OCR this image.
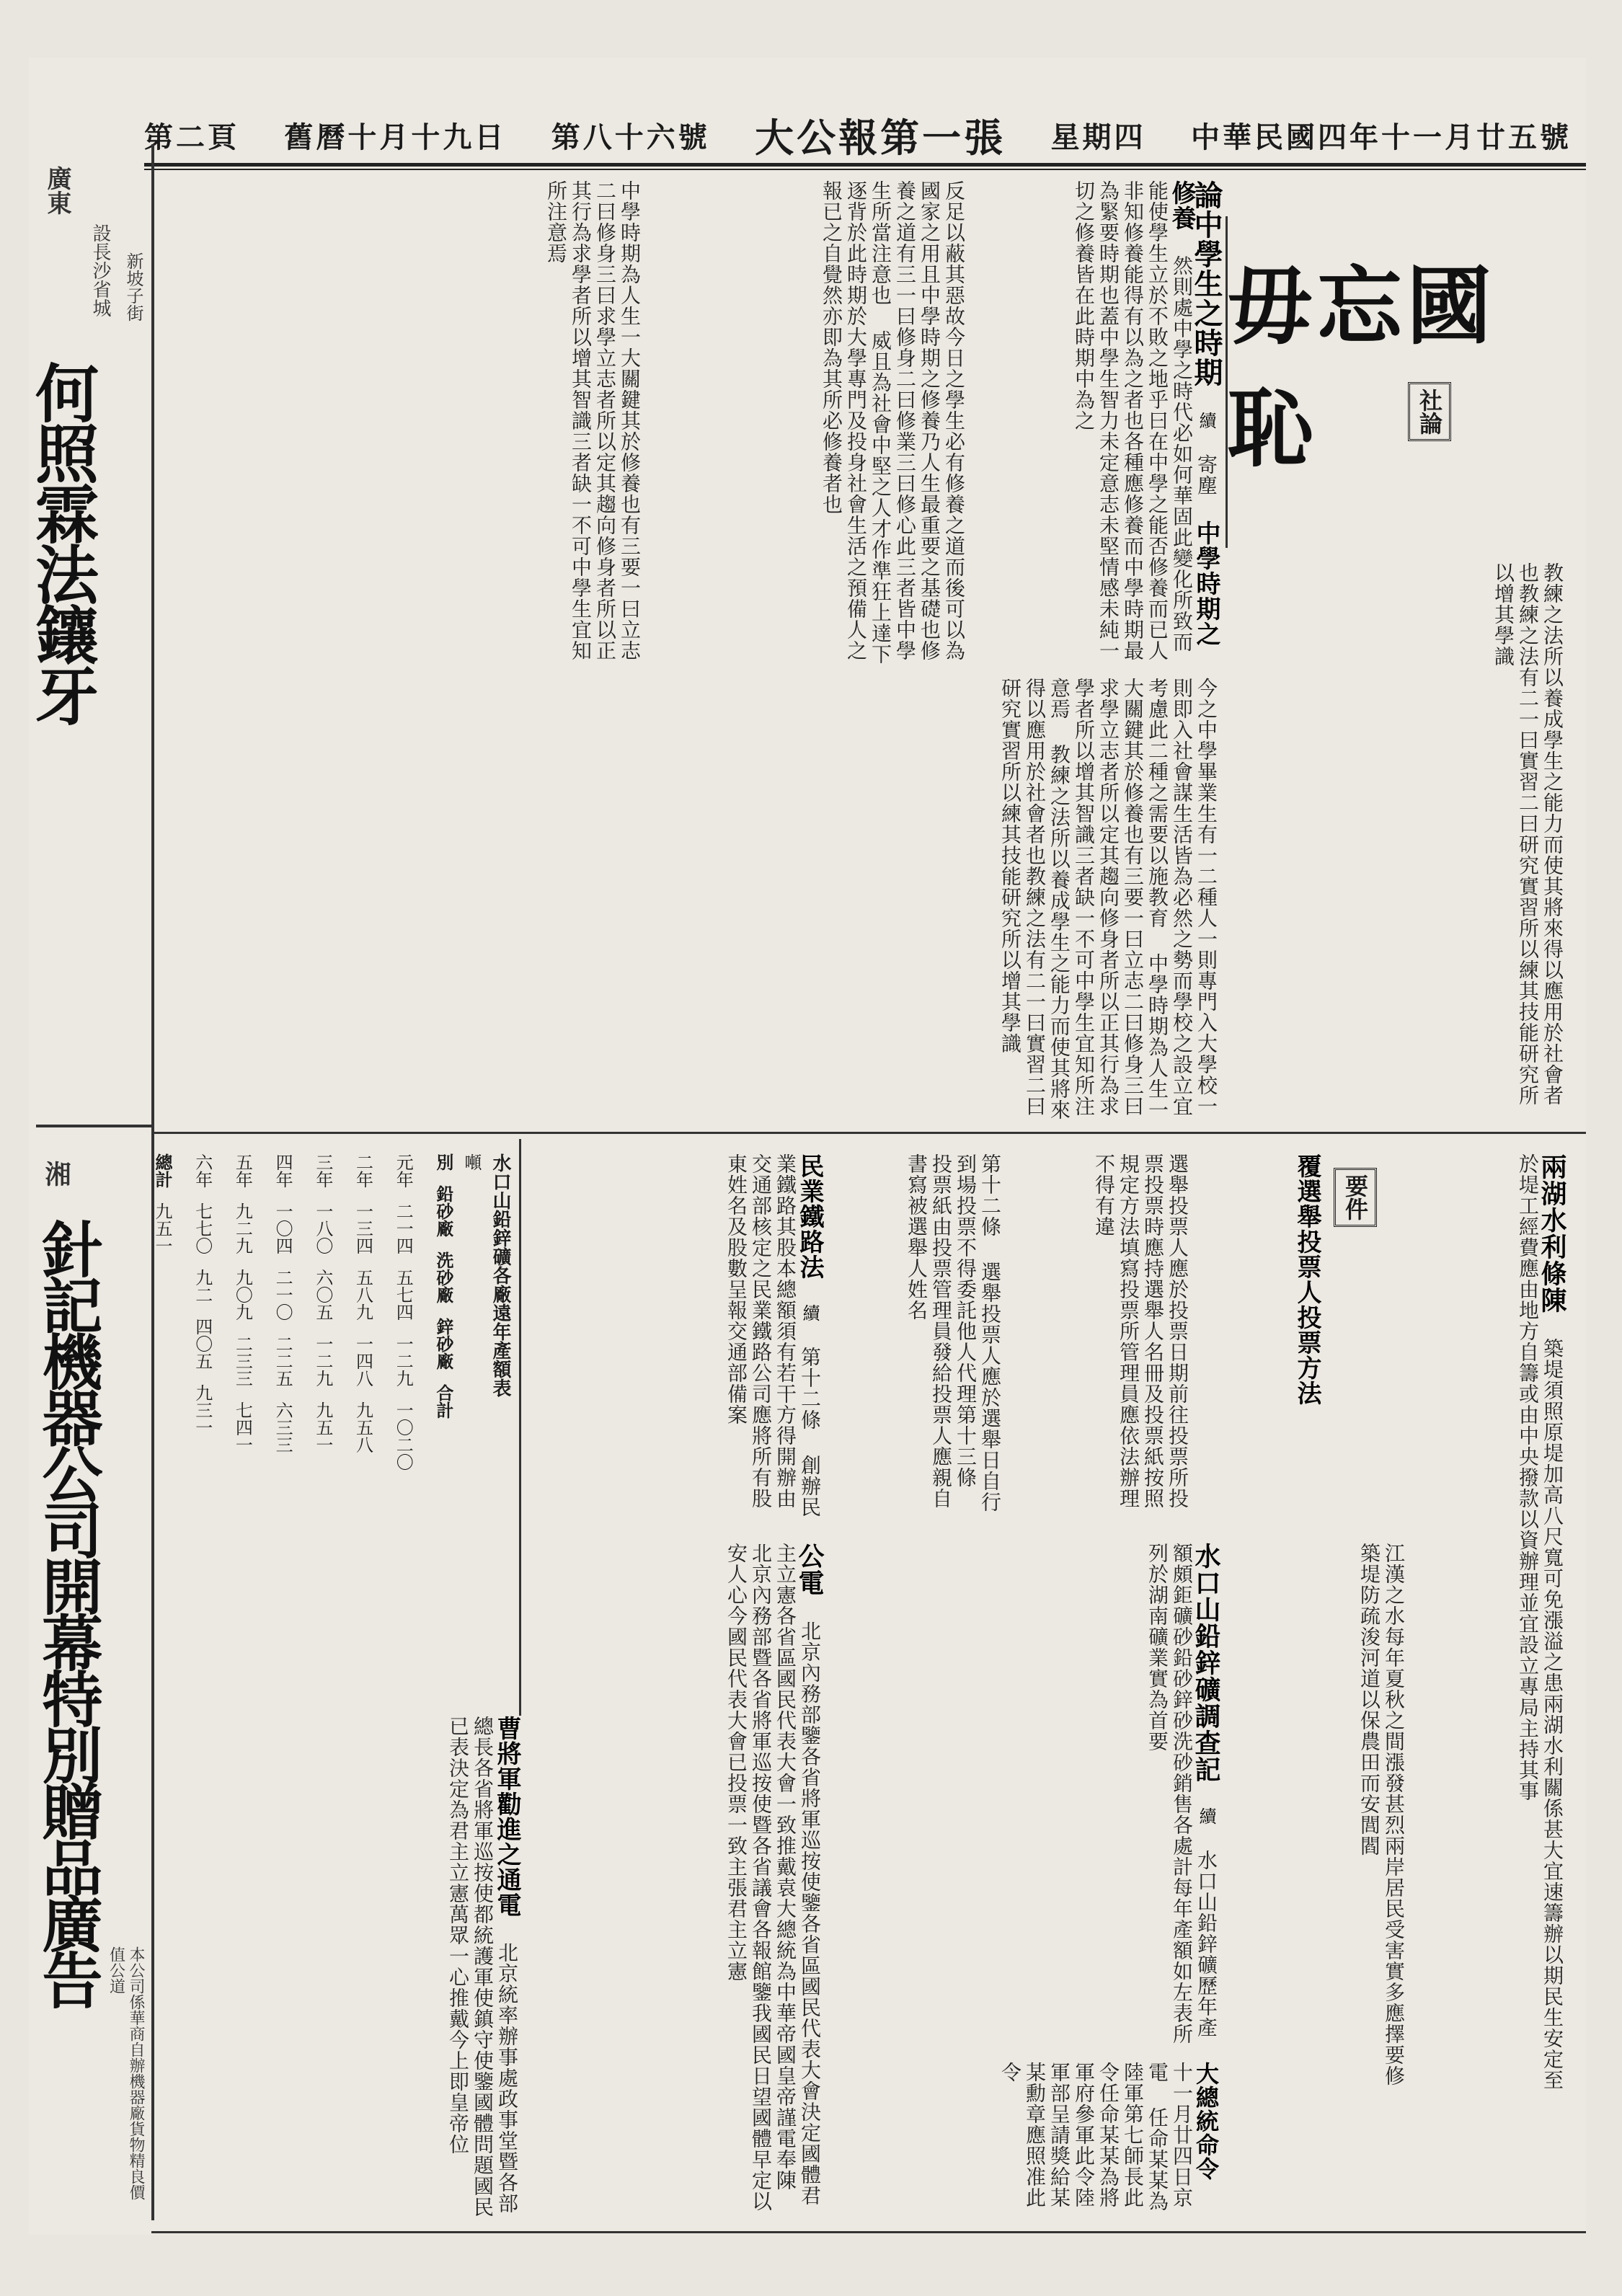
第二頁 舊曆十月十九日 第八十六號 大公報第一張 星期四 中華民國四年十一月廿五號
廣東
設長沙省城
何照霖法鑲牙
新坡子街
湘
針記機器公司開幕特別贈品廣告
本公司係華商自辦機器廠貨物精良價值公道
毋忘國恥	社論
論中學生之時期 續 寄塵 中學時期之修養 然則處中學之時代必如何華固此變化所致而能使學生立於不敗之地乎曰在中學之能否修養而已人非知修養能得有以為之者也各種應修養而中學時期最為緊要時期也蓋中學生智力未定意志未堅情感未純一切之修養皆在此時期中為之
反足以蔽其惡故今日之學生必有修養之道而後可以為國家之用且中學時期之修養乃人生最重要之基礎也修養之道有三一曰修身二曰修業三曰修心此三者皆中學生所當注意也 威且為社會中堅之人才作準狂上達下逐背於此時期於大學專門及投身社會生活之預備人之報已之自覺然亦即為其所必修養者也
中學時期為人生一大關鍵其於修養也有三要一曰立志二曰修身三曰求學立志者所以定其趨向修身者所以正其行為求學者所以增其智識三者缺一不可中學生宜知所注意焉
教練之法所以養成學生之能力而使其將來得以應用於社會者也教練之法有二一曰實習二曰研究實習所以練其技能研究所以增其學識
今之中學畢業生有一二種人一則專門入大學校一則即入社會謀生活皆為必然之勢而學校之設立宜考慮此二種之需要以施教育 中學時期為人生一大關鍵其於修養也有三要一曰立志二曰修身三曰求學立志者所以定其趨向修身者所以正其行為求學者所以增其智識三者缺一不可中學生宜知所注意焉 教練之法所以養成學生之能力而使其將來得以應用於社會者也教練之法有二一曰實習二曰研究實習所以練其技能研究所以增其學識
要件
覆選舉投票人投票方法
選舉投票人應於投票日期前往投票所投票投票時應持選舉人名冊及投票紙按照規定方法填寫投票所管理員應依法辦理不得有違
第十二條 選舉投票人應於選舉日自行到場投票不得委託他人代理第十三條 投票紙由投票管理員發給投票人應親自書寫被選舉人姓名	兩湖水利條陳 築堤須照原堤加高八尺寬可免漲溢之患兩湖水利關係甚大宜速籌辦以期民生安定至於堤工經費應由地方自籌或由中央撥款以資辦理並宜設立專局主持其事
江漢之水每年夏秋之間漲發甚烈兩岸居民受害實多應擇要修築堤防疏浚河道以保農田而安閭閻
民業鐵路法 續 第十二條 創辦民業鐵路其股本總額須有若干方得開辦由交通部核定之民業鐵路公司應將所有股東姓名及股數呈報交通部備案
水口山鉛鋅礦調查記 續 水口山鉛鋅礦歷年產額頗鉅礦砂鉛砂鋅砂洗砂銷售各處計每年產額如左表所列於湖南礦業實為首要
水口山鉛鋅礦各廠遠年產額表
噸
別
鉛砂廠
洗砂廠
鋅砂廠
合計
元年
二一四
五七四
一二九
一〇二〇
二年
一三四
五八九
一四八
九五八
三年
一八〇
六〇五
一二九
九五一
四年
一〇四
二一〇
二二五
六三三
五年
九二九
九〇九
二三三
七四一
六年
七七〇
九二
四〇五
九三一
總計
九五一
大總統命令 十一月廿四日京電 任命某某為陸軍第七師長此令任命某某為將軍府參軍此令陸軍部呈請獎給某某勳章應照准此令
公電 北京內務部鑒各省將軍巡按使鑒各省區國民代表大會決定國體君主立憲各省區國民代表大會一致推戴袁大總統為中華帝國皇帝謹電奉陳 北京內務部暨各省將軍巡按使暨各省議會各報館鑒我國民日望國體早定以安人心今國民代表大會已投票一致主張君主立憲
曹將軍勸進之通電 北京統率辦事處政事堂暨各部總長各省將軍巡按使都統護軍使鎮守使鑒國體問題國民已表決定為君主立憲萬眾一心推戴今上即皇帝位
